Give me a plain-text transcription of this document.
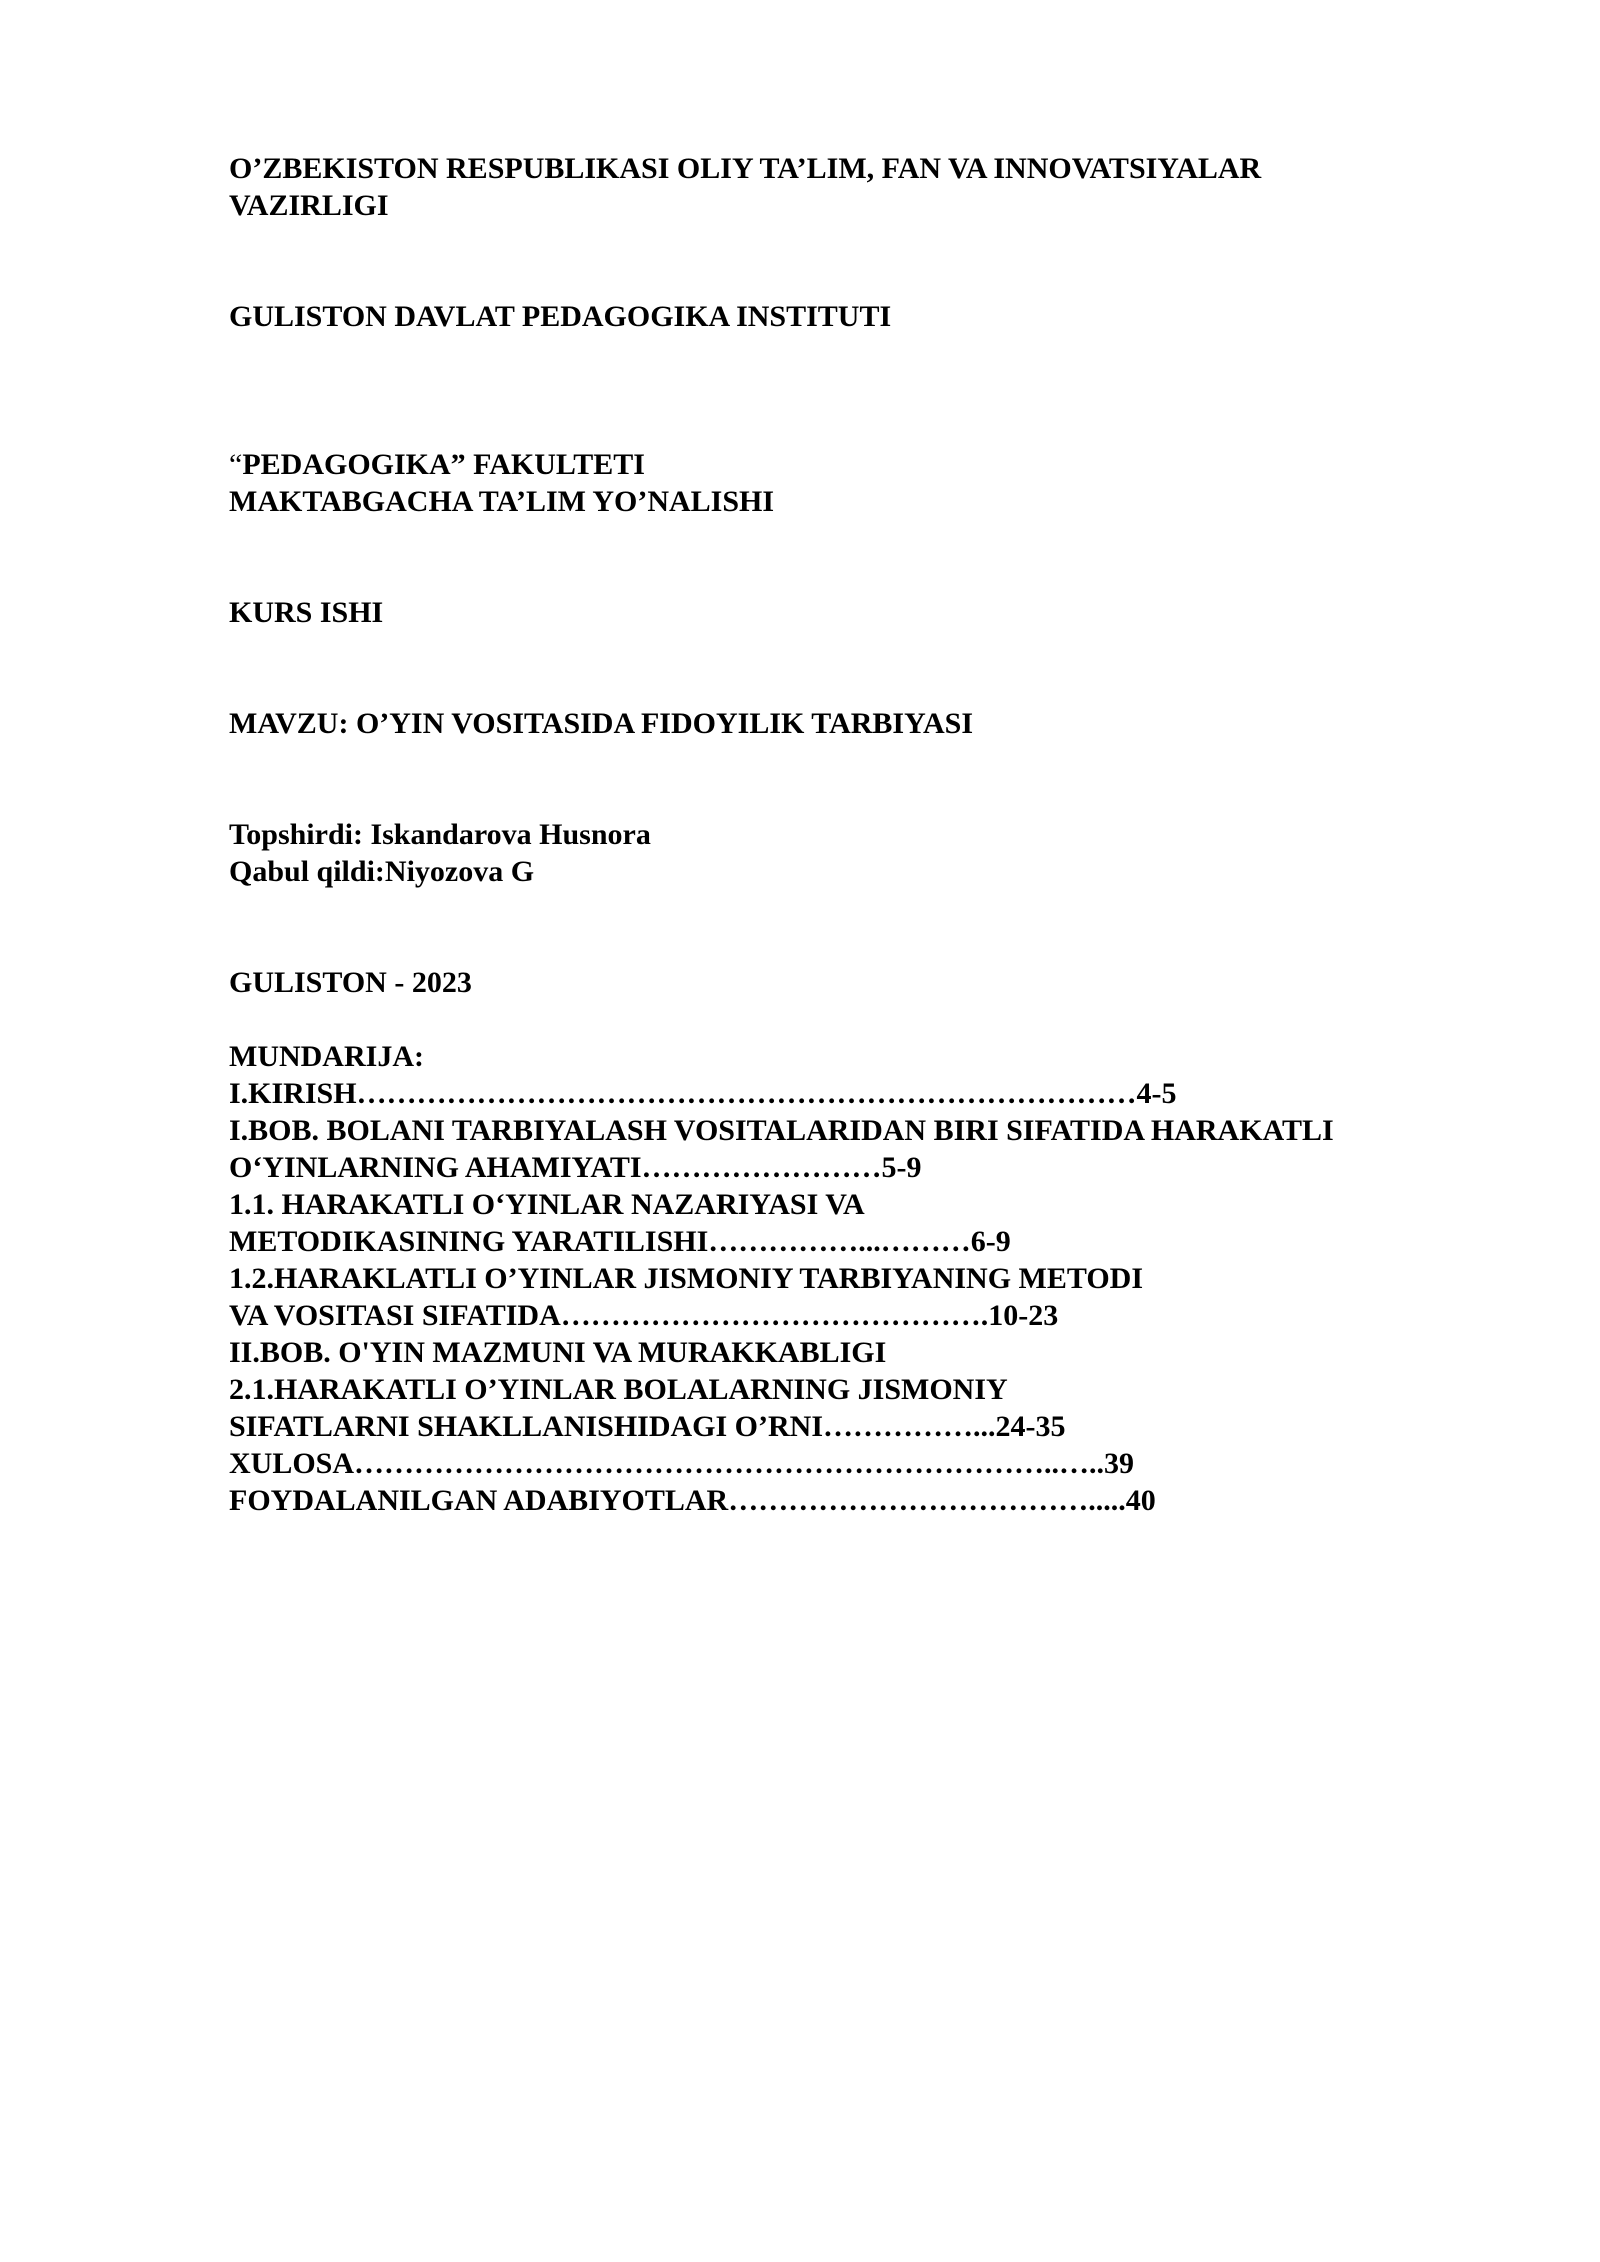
O’ZBEKISTON RESPUBLIKASI OLIY TA’LIM, FAN VA INNOVATSIYALAR

VAZIRLIGI

GULISTON DAVLAT PEDAGOGIKA INSTITUTI

“PEDAGOGIKA” FAKULTETI

MAKTABGACHA TA’LIM YO’NALISHI

KURS ISHI

MAVZU: O’YIN VOSITASIDA FIDOYILIK TARBIYASI

Topshirdi: Iskandarova Husnora

Qabul qildi:Niyozova G

GULISTON - 2023

MUNDARIJA:

I.KIRISH……………………………………………………………………4-5

I.BOB. BOLANI TARBIYALASH VOSITALARIDAN BIRI SIFATIDA HARAKATLI

O‘YINLARNING AHAMIYATI……………………5-9

1.1. HARAKATLI O‘YINLAR NAZARIYASI VA

METODIKASINING YARATILISHI……………...………6-9

1.2.HARAKLATLI O’YINLAR JISMONIY TARBIYANING METODI

VA VOSITASI SIFATIDA…………………………………….10-23

II.BOB. O'YIN MAZMUNI VA MURAKKABLIGI

2.1.HARAKATLI O’YINLAR BOLALARNING JISMONIY

SIFATLARNI SHAKLLANISHIDAGI O’RNI……………...24-35

XULOSA……………………………………………………………..…..39

FOYDALANILGAN ADABIYOTLAR……………………………….....40
